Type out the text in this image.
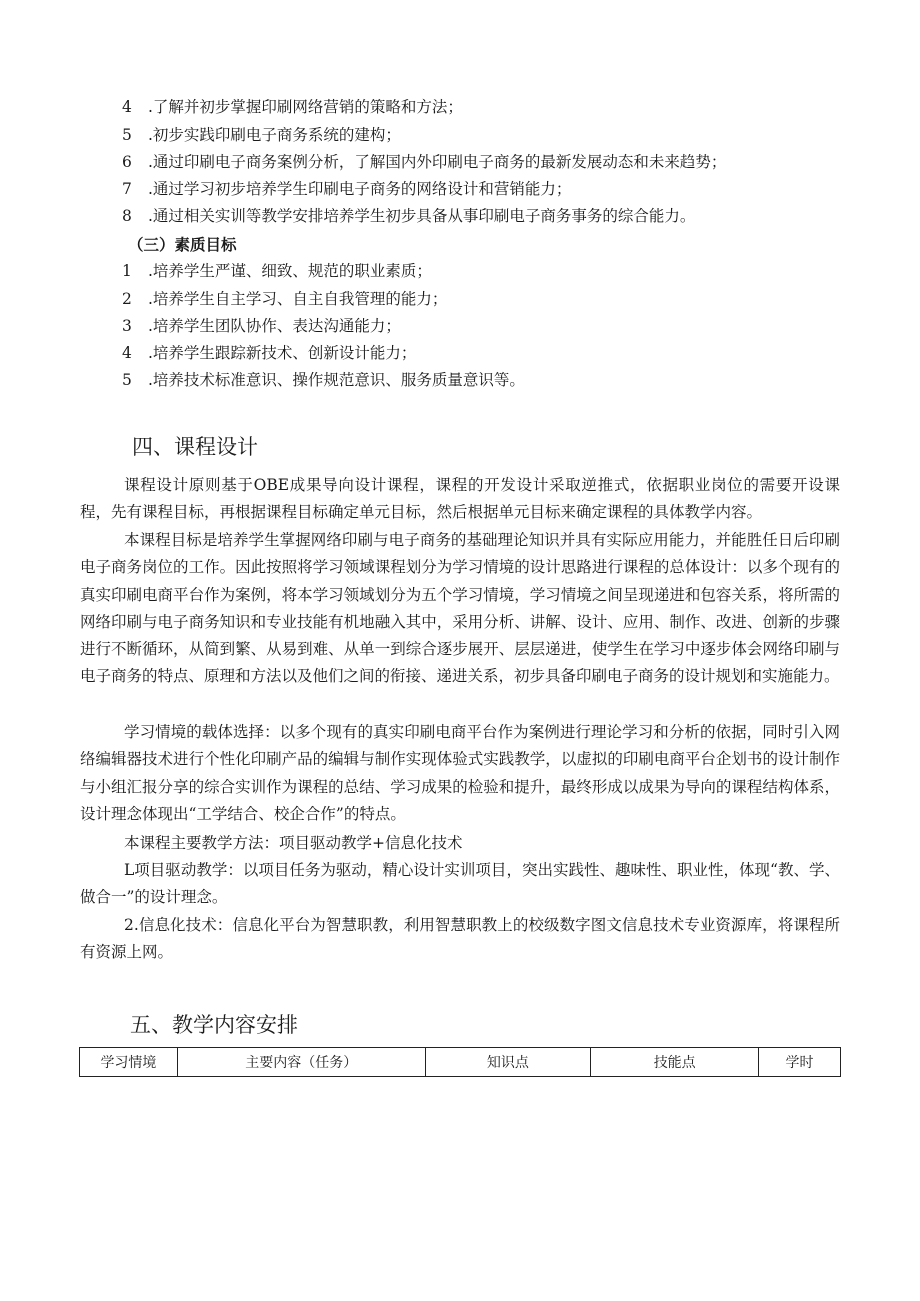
4 .了解并初步掌握印刷网络营销的策略和方法；
5 .初步实践印刷电子商务系统的建构；
6 .通过印刷电子商务案例分析，了解国内外印刷电子商务的最新发展动态和未来趋势；
7 .通过学习初步培养学生印刷电子商务的网络设计和营销能力；
8 .通过相关实训等教学安排培养学生初步具备从事印刷电子商务事务的综合能力。
（三）素质目标
1 .培养学生严谨、细致、规范的职业素质；
2 .培养学生自主学习、自主自我管理的能力；
3 .培养学生团队协作、表达沟通能力；
4 .培养学生跟踪新技术、创新设计能力；
5 .培养技术标准意识、操作规范意识、服务质量意识等。
四、课程设计
课程设计原则基于OBE成果导向设计课程，课程的开发设计采取逆推式，依据职业岗位的需要开设课程，先有课程目标，再根据课程目标确定单元目标，然后根据单元目标来确定课程的具体教学内容。
本课程目标是培养学生掌握网络印刷与电子商务的基础理论知识并具有实际应用能力，并能胜任日后印刷电子商务岗位的工作。因此按照将学习领域课程划分为学习情境的设计思路进行课程的总体设计：以多个现有的真实印刷电商平台作为案例，将本学习领域划分为五个学习情境，学习情境之间呈现递进和包容关系，将所需的网络印刷与电子商务知识和专业技能有机地融入其中，采用分析、讲解、设计、应用、制作、改进、创新的步骤进行不断循环，从简到繁、从易到难、从单一到综合逐步展开、层层递进，使学生在学习中逐步体会网络印刷与电子商务的特点、原理和方法以及他们之间的衔接、递进关系，初步具备印刷电子商务的设计规划和实施能力。
学习情境的载体选择：以多个现有的真实印刷电商平台作为案例进行理论学习和分析的依据，同时引入网络编辑器技术进行个性化印刷产品的编辑与制作实现体验式实践教学，以虚拟的印刷电商平台企划书的设计制作与小组汇报分享的综合实训作为课程的总结、学习成果的检验和提升，最终形成以成果为导向的课程结构体系，设计理念体现出“工学结合、校企合作”的特点。
本课程主要教学方法：项目驱动教学+信息化技术
L项目驱动教学：以项目任务为驱动，精心设计实训项目，突出实践性、趣味性、职业性，体现“教、学、做合一”的设计理念。
2.信息化技术：信息化平台为智慧职教，利用智慧职教上的校级数字图文信息技术专业资源库，将课程所有资源上网。
五、教学内容安排
学习情境	主要内容（任务）	知识点	技能点	学时
